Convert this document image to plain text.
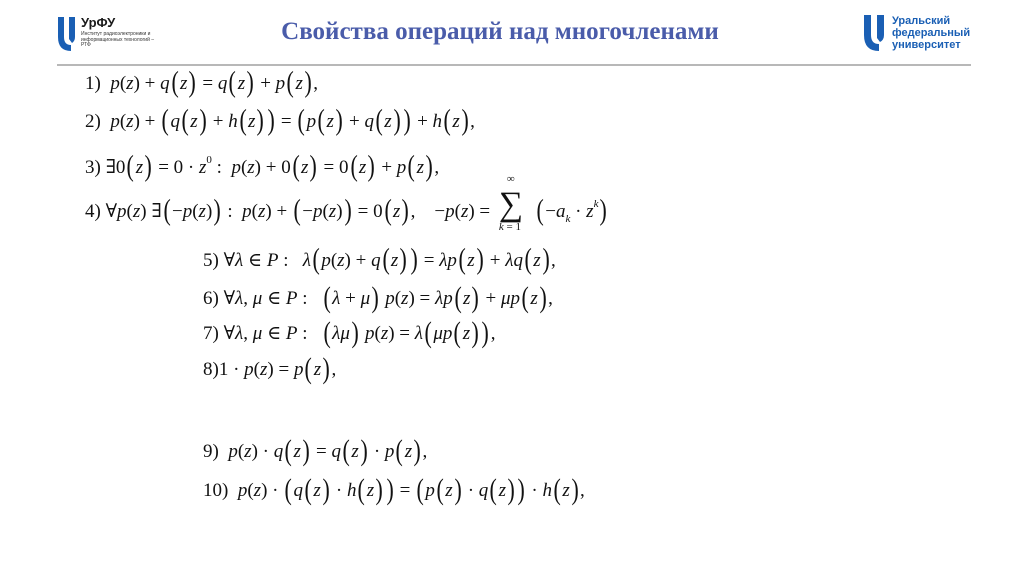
УрФУ
Институт радиоэлектроники и информационных технологий – РТФ
Свойства операций над многочленами	Уральский
федеральный
университет
1) p(z) + q(z) = q(z) + p(z),
2) p(z) + (q(z) + h(z) ) = (p(z) + q(z) ) + h(z),
3) ∃0(z) = $0 \cdot z^0$ :  p(z) + 0(z) = 0(z) + p(z),
4) ∀p(z) ∃(−p(z)) :  p(z) + (−p(z)) = 0(z),    −p(z) =
∞
∑
k = 1 $(-a_k \cdot z^k)$
5) ∀λ ∈ P :   λ(p(z) + q(z) ) = λp(z) + λq(z),
6) ∀λ, μ ∈ P :   (λ + μ) p(z) = λp(z) + μp(z),
7) ∀λ, μ ∈ P :   (λμ) p(z) = λ(μp(z) ),
8)1 · p(z) = p(z),
9) p(z) · q(z) = q(z) · p(z),
10) p(z) · (q(z) · h(z) ) = (p(z) · q(z) ) · h(z),
